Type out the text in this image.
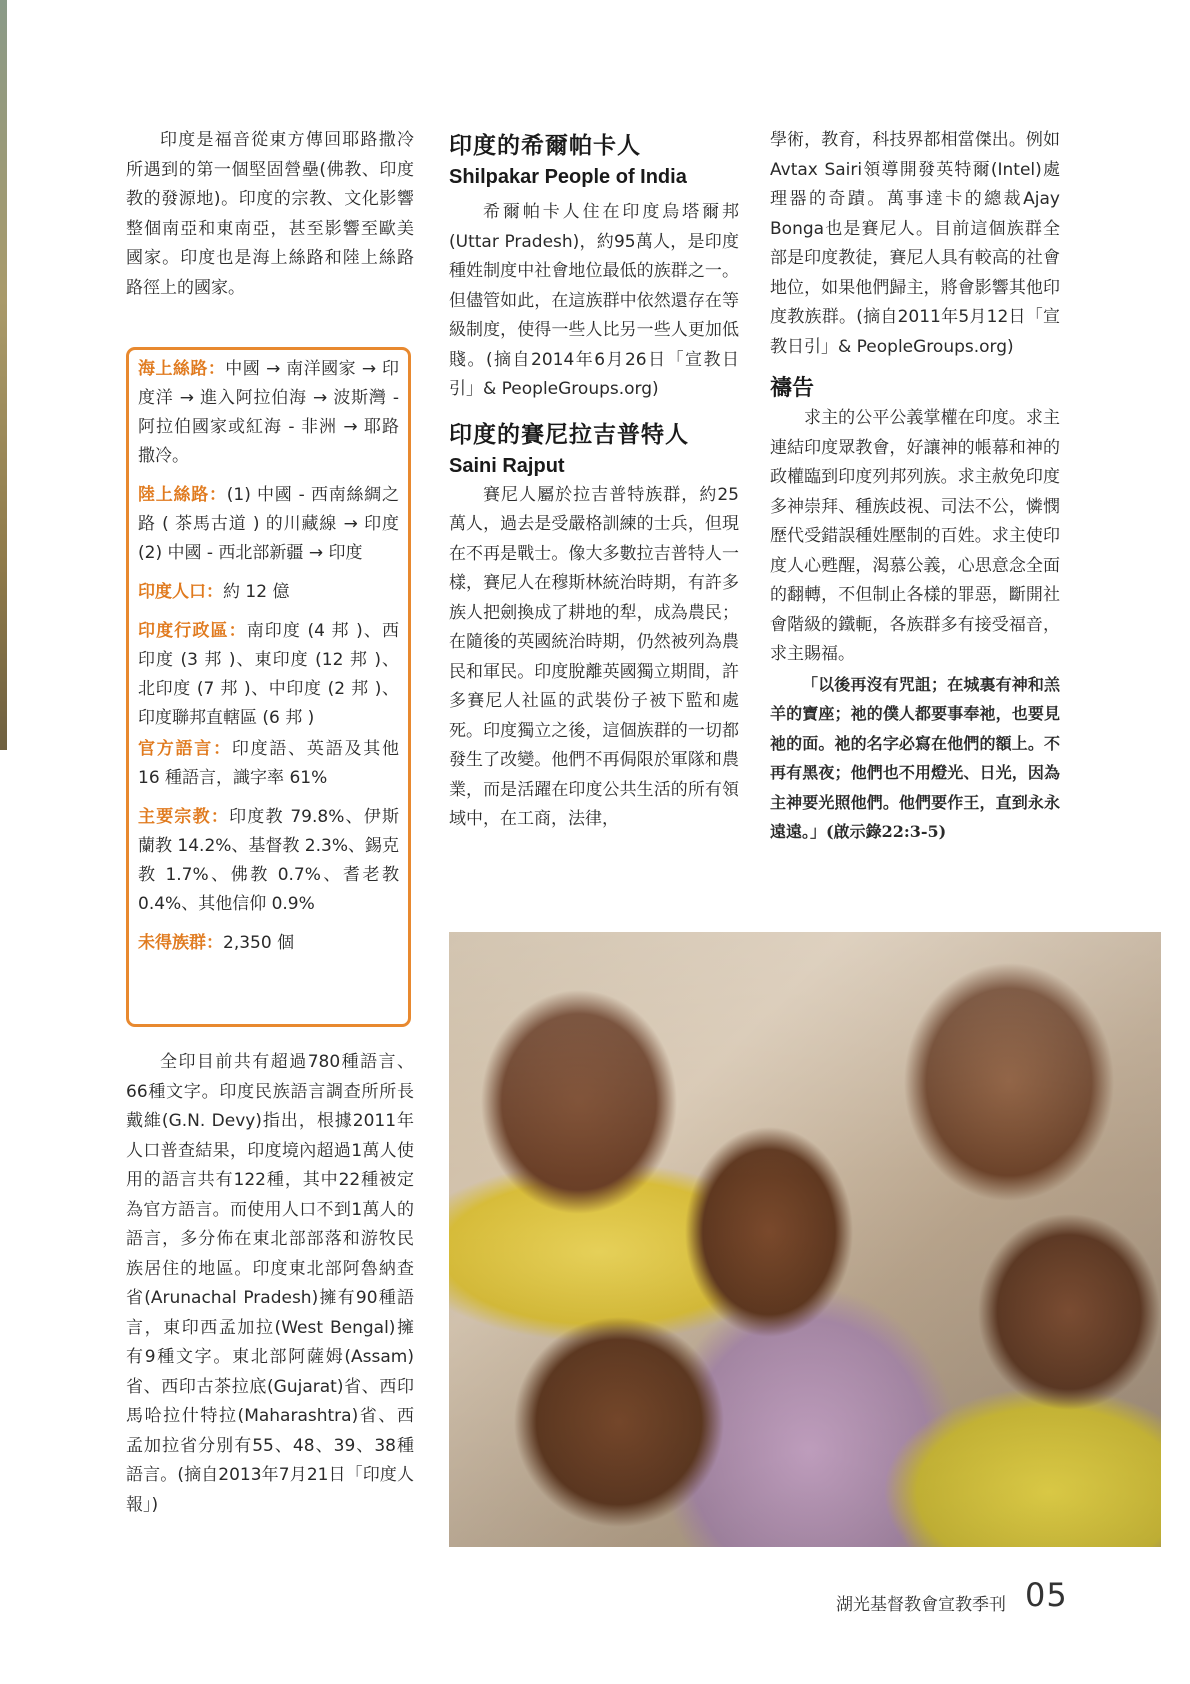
印度是福音從東方傳回耶路撒冷所遇到的第一個堅固營壘(佛教、印度教的發源地)。印度的宗教、文化影響整個南亞和東南亞，甚至影響至歐美國家。印度也是海上絲路和陸上絲路路徑上的國家。

海上絲路：中國 → 南洋國家 → 印度洋 → 進入阿拉伯海 → 波斯灣 - 阿拉伯國家或紅海 - 非洲 → 耶路撒冷。

陸上絲路：(1) 中國 - 西南絲綢之路 ( 茶馬古道 ) 的川藏線 → 印度 (2) 中國 - 西北部新疆 → 印度

印度人口：約 12 億

印度行政區：南印度 (4 邦 )、西印度 (3 邦 )、東印度 (12 邦 )、北印度 (7 邦 )、中印度 (2 邦 )、印度聯邦直轄區 (6 邦 )

官方語言：印度語、英語及其他 16 種語言，識字率 61%

主要宗教：印度教 79.8%、伊斯蘭教 14.2%、基督教 2.3%、錫克教 1.7%、佛教 0.7%、耆老教 0.4%、其他信仰 0.9%

未得族群：2,350 個

全印目前共有超過780種語言、66種文字。印度民族語言調查所所長戴維(G.N. Devy)指出，根據2011年人口普查結果，印度境內超過1萬人使用的語言共有122種，其中22種被定為官方語言。而使用人口不到1萬人的語言，多分佈在東北部部落和游牧民族居住的地區。印度東北部阿魯納查省(Arunachal Pradesh)擁有90種語言，東印西孟加拉(West Bengal)擁有9種文字。東北部阿薩姆(Assam)省、西印古茶拉底(Gujarat)省、西印馬哈拉什特拉(Maharashtra)省、西孟加拉省分別有55、48、39、38種語言。(摘自2013年7月21日「印度人報」)

印度的希爾帕卡人
Shilpakar People of India

希爾帕卡人住在印度烏塔爾邦(Uttar Pradesh)，約95萬人，是印度種姓制度中社會地位最低的族群之一。但儘管如此，在這族群中依然還存在等級制度，使得一些人比另一些人更加低賤。(摘自2014年6月26日「宣教日引」& PeopleGroups.org)

印度的賽尼拉吉普特人
Saini Rajput

賽尼人屬於拉吉普特族群，約25萬人，過去是受嚴格訓練的士兵，但現在不再是戰士。像大多數拉吉普特人一樣，賽尼人在穆斯林統治時期，有許多族人把劍換成了耕地的犁，成為農民；在隨後的英國統治時期，仍然被列為農民和軍民。印度脫離英國獨立期間，許多賽尼人社區的武裝份子被下監和處死。印度獨立之後，這個族群的一切都發生了改變。他們不再侷限於軍隊和農業，而是活躍在印度公共生活的所有領域中，在工商，法律，

學術，教育，科技界都相當傑出。例如Avtax Sairi領導開發英特爾(Intel)處理器的奇蹟。萬事達卡的總裁Ajay Bonga也是賽尼人。目前這個族群全部是印度教徒，賽尼人具有較高的社會地位，如果他們歸主，將會影響其他印度教族群。(摘自2011年5月12日「宣教日引」& PeopleGroups.org)

禱告

求主的公平公義掌權在印度。求主連結印度眾教會，好讓神的帳幕和神的政權臨到印度列邦列族。求主赦免印度多神崇拜、種族歧視、司法不公，憐憫歷代受錯誤種姓壓制的百姓。求主使印度人心甦醒，渴慕公義，心思意念全面的翻轉，不但制止各樣的罪惡，斷開社會階級的鐵軛，各族群多有接受福音，求主賜福。

「以後再沒有咒詛；在城裏有神和羔羊的寶座；祂的僕人都要事奉祂，也要見祂的面。祂的名字必寫在他們的額上。不再有黑夜；他們也不用燈光、日光，因為主神要光照他們。他們要作王，直到永永遠遠。」(啟示錄22:3-5)

湖光基督教會宣教季刊 05
